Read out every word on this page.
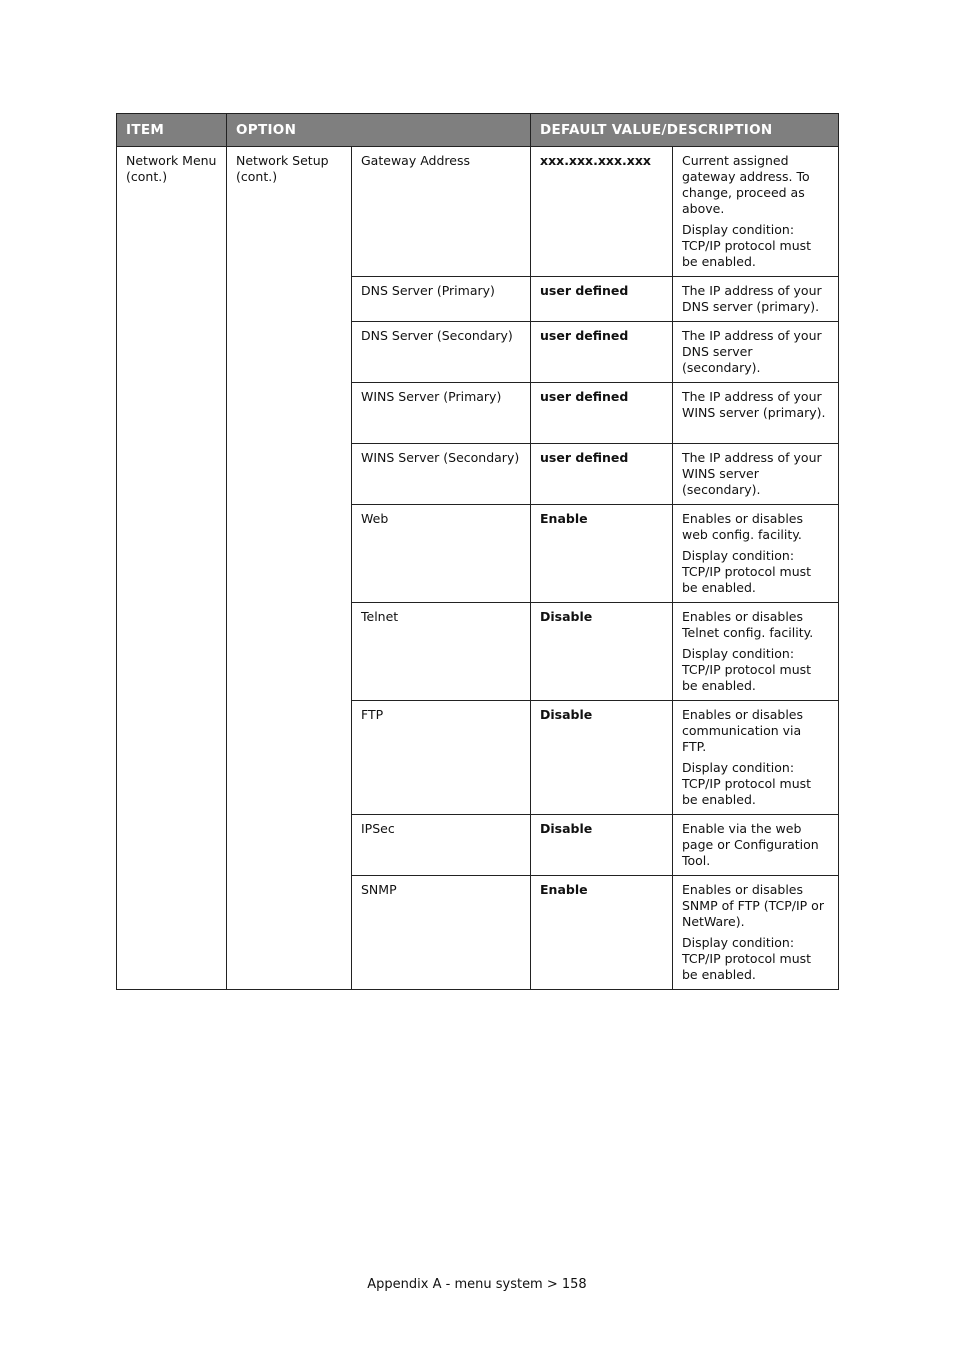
ITEM	OPTION		DEFAULT VALUE/DESCRIPTION	
Network Menu (cont.)	Network Setup (cont.)	Gateway Address	xxx.xxx.xxx.xxx	Current assigned gateway address. To change, proceed as above.

Display condition: TCP/IP protocol must be enabled.

		DNS Server (Primary)	user defined	The IP address of your DNS server (primary).

		DNS Server (Secondary)	user defined	The IP address of your DNS server (secondary).

		WINS Server (Primary)	user defined	The IP address of your WINS server (primary).

		WINS Server (Secondary)	user defined	The IP address of your WINS server (secondary).

		Web	Enable	Enables or disables web config. facility.

Display condition: TCP/IP protocol must be enabled.

		Telnet	Disable	Enables or disables Telnet config. facility.

Display condition: TCP/IP protocol must be enabled.

		FTP	Disable	Enables or disables communication via FTP.

Display condition: TCP/IP protocol must be enabled.

		IPSec	Disable	Enable via the web page or Configuration Tool.

		SNMP	Enable	Enables or disables SNMP of FTP (TCP/IP or NetWare).

Display condition: TCP/IP protocol must be enabled.

Appendix A - menu system > 158
